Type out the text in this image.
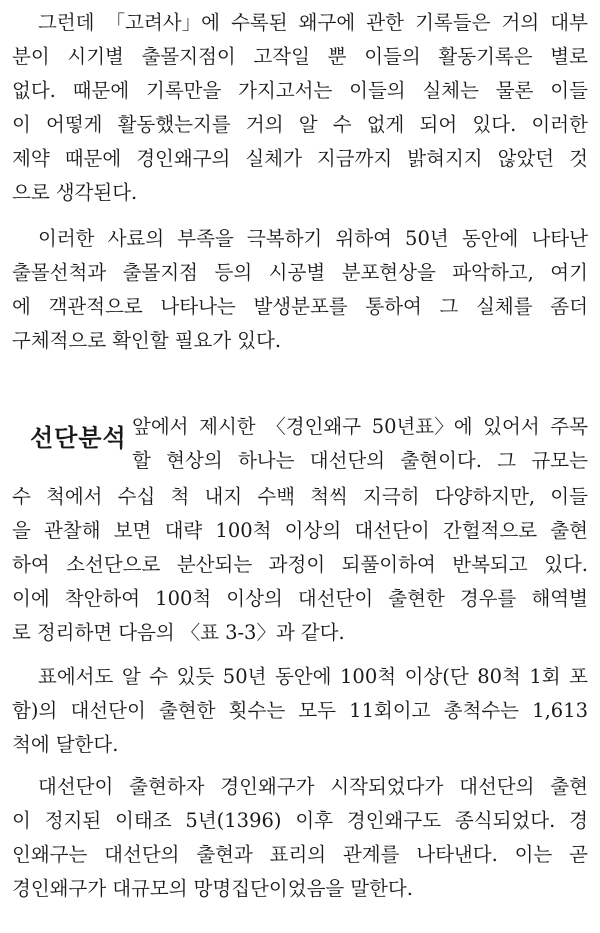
그런데 「고려사」에 수록된 왜구에 관한 기록들은 거의 대부
분이 시기별 출몰지점이 고작일 뿐 이들의 활동기록은 별로
없다. 때문에 기록만을 가지고서는 이들의 실체는 물론 이들
이 어떻게 활동했는지를 거의 알 수 없게 되어 있다. 이러한
제약 때문에 경인왜구의 실체가 지금까지 밝혀지지 않았던 것
으로 생각된다.
이러한 사료의 부족을 극복하기 위하여 50년 동안에 나타난
출몰선척과 출몰지점 등의 시공별 분포현상을 파악하고, 여기
에 객관적으로 나타나는 발생분포를 통하여 그 실체를 좀더
구체적으로 확인할 필요가 있다.
선단분석 앞에서 제시한 〈경인왜구 50년표〉에 있어서 주목
할 현상의 하나는 대선단의 출현이다. 그 규모는
수 척에서 수십 척 내지 수백 척씩 지극히 다양하지만, 이들
을 관찰해 보면 대략 100척 이상의 대선단이 간헐적으로 출현
하여 소선단으로 분산되는 과정이 되풀이하여 반복되고 있다.
이에 착안하여 100척 이상의 대선단이 출현한 경우를 해역별
로 정리하면 다음의 〈표 3-3〉과 같다.
표에서도 알 수 있듯 50년 동안에 100척 이상(단 80척 1회 포
함)의 대선단이 출현한 횟수는 모두 11회이고 총척수는 1,613
척에 달한다.
대선단이 출현하자 경인왜구가 시작되었다가 대선단의 출현
이 정지된 이태조 5년(1396) 이후 경인왜구도 종식되었다. 경
인왜구는 대선단의 출현과 표리의 관계를 나타낸다. 이는 곧
경인왜구가 대규모의 망명집단이었음을 말한다.
